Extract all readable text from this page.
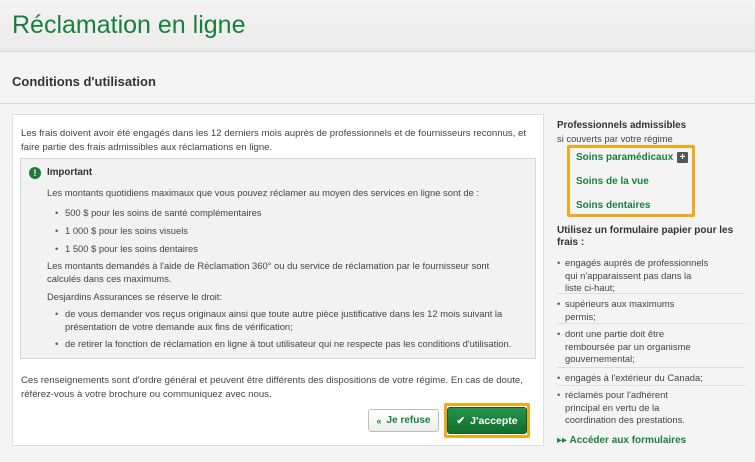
Réclamation en ligne
Conditions d'utilisation

Les frais doivent avoir été engagés dans les 12 derniers mois auprès de professionnels et de fournisseurs reconnus, et faire partie des frais admissibles aux réclamations en ligne.

!	Important

Les montants quotidiens maximaux que vous pouvez réclamer au moyen des services en ligne sont de :

• 500 $ pour les soins de santé complémentaires

• 1 000 $ pour les soins visuels

• 1 500 $ pour les soins dentaires

Les montants demandés à l'aide de Réclamation 360° ou du service de réclamation par le fournisseur sont calculés dans ces maximums.

Desjardins Assurances se réserve le droit:

• de vous demander vos reçus originaux ainsi que toute autre pièce justificative dans les 12 mois suivant la présentation de votre demande aux fins de vérification;

• de retirer la fonction de réclamation en ligne à tout utilisateur qui ne respecte pas les conditions d'utilisation.

Ces renseignements sont d'ordre général et peuvent être différents des dispositions de votre régime. En cas de doute, référez-vous à votre brochure ou communiquez avec nous.

« Je refuse ✔ J'accepte

Professionnels admissibles

si couverts par votre régime

Soins paramédicaux +
Soins de la vue
Soins dentaires

Utilisez un formulaire papier pour les frais :

• engagés auprès de professionnels qui n'apparaissent pas dans la liste ci-haut;

• supérieurs aux maximums permis;

• dont une partie doit être remboursée par un organisme gouvernemental;

• engagés à l'extérieur du Canada;

• réclamés pour l'adhérent principal en vertu de la coordination des prestations.

▸▸ Accéder aux formulaires
